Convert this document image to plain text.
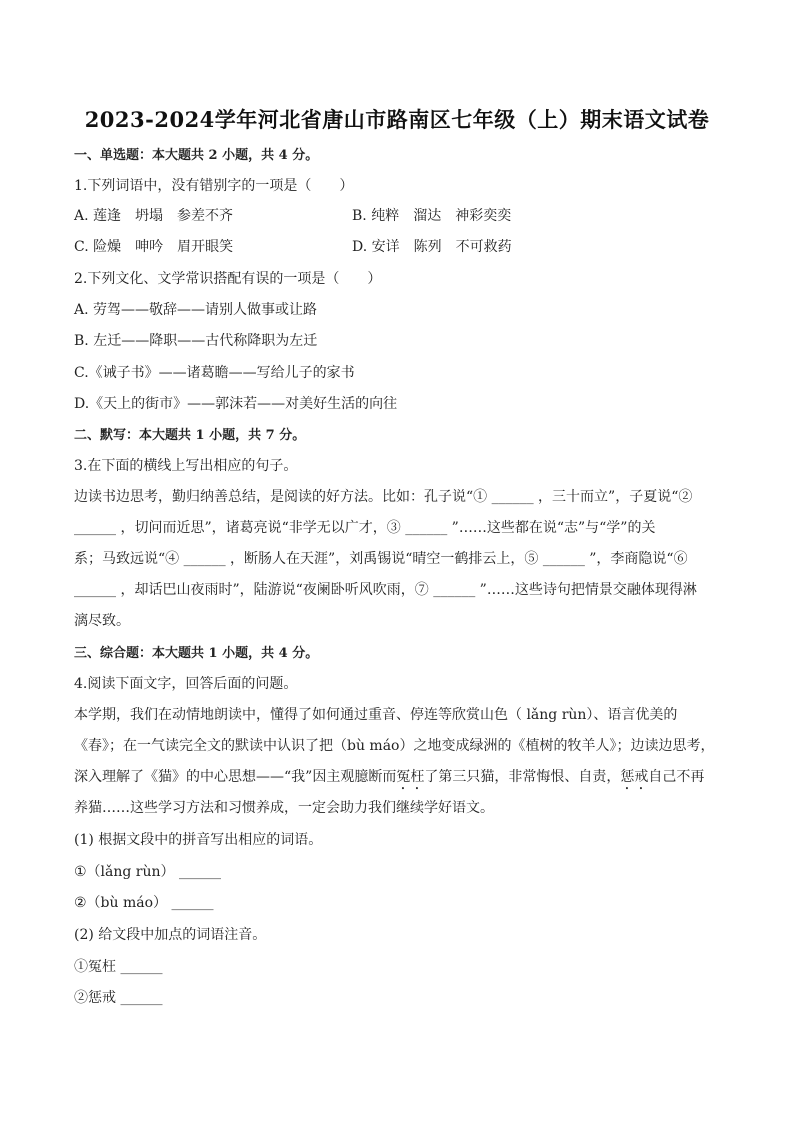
2023-2024学年河北省唐山市路南区七年级（上）期末语文试卷
一、单选题：本大题共 2 小题，共 4 分。
1.下列词语中，没有错别字的一项是（　　）
A. 莲逢　坍塌　参差不齐	B. 纯粹　溜达　神彩奕奕
C. 险燥　呻吟　眉开眼笑	D. 安详　陈列　不可救药
2.下列文化、文学常识搭配有误的一项是（　　）
A. 劳驾——敬辞——请别人做事或让路
B. 左迁——降职——古代称降职为左迁
C.《诫子书》——诸葛瞻——写给儿子的家书
D.《天上的街市》——郭沫若——对美好生活的向往
二、默写：本大题共 1 小题，共 7 分。
3.在下面的横线上写出相应的句子。
边读书边思考，勤归纳善总结，是阅读的好方法。比如：孔子说“① ______ ，三十而立”，子夏说“②
______ ，切问而近思”，诸葛亮说“非学无以广才，③ ______ ”……这些都在说“志”与“学”的关
系；马致远说“④ ______ ，断肠人在天涯”，刘禹锡说“晴空一鹤排云上，⑤ ______ ”，李商隐说“⑥
______ ，却话巴山夜雨时”，陆游说“夜阑卧听风吹雨，⑦ ______ ”……这些诗句把情景交融体现得淋
漓尽致。
三、综合题：本大题共 1 小题，共 4 分。
4.阅读下面文字，回答后面的问题。
本学期，我们在动情地朗读中，懂得了如何通过重音、停连等欣赏山色（ lǎng rùn）、语言优美的
《春》；在一气读完全文的默读中认识了把（bù máo）之地变成绿洲的《植树的牧羊人》；边读边思考，
深入理解了《猫》的中心思想——“我”因主观臆断而冤枉了第三只猫，非常悔恨、自责，惩戒自己不再
养猫……这些学习方法和习惯养成，一定会助力我们继续学好语文。
(1) 根据文段中的拼音写出相应的词语。
①（lǎng rùn） ______
②（bù máo） ______
(2) 给文段中加点的词语注音。
①冤枉 ______
②惩戒 ______
